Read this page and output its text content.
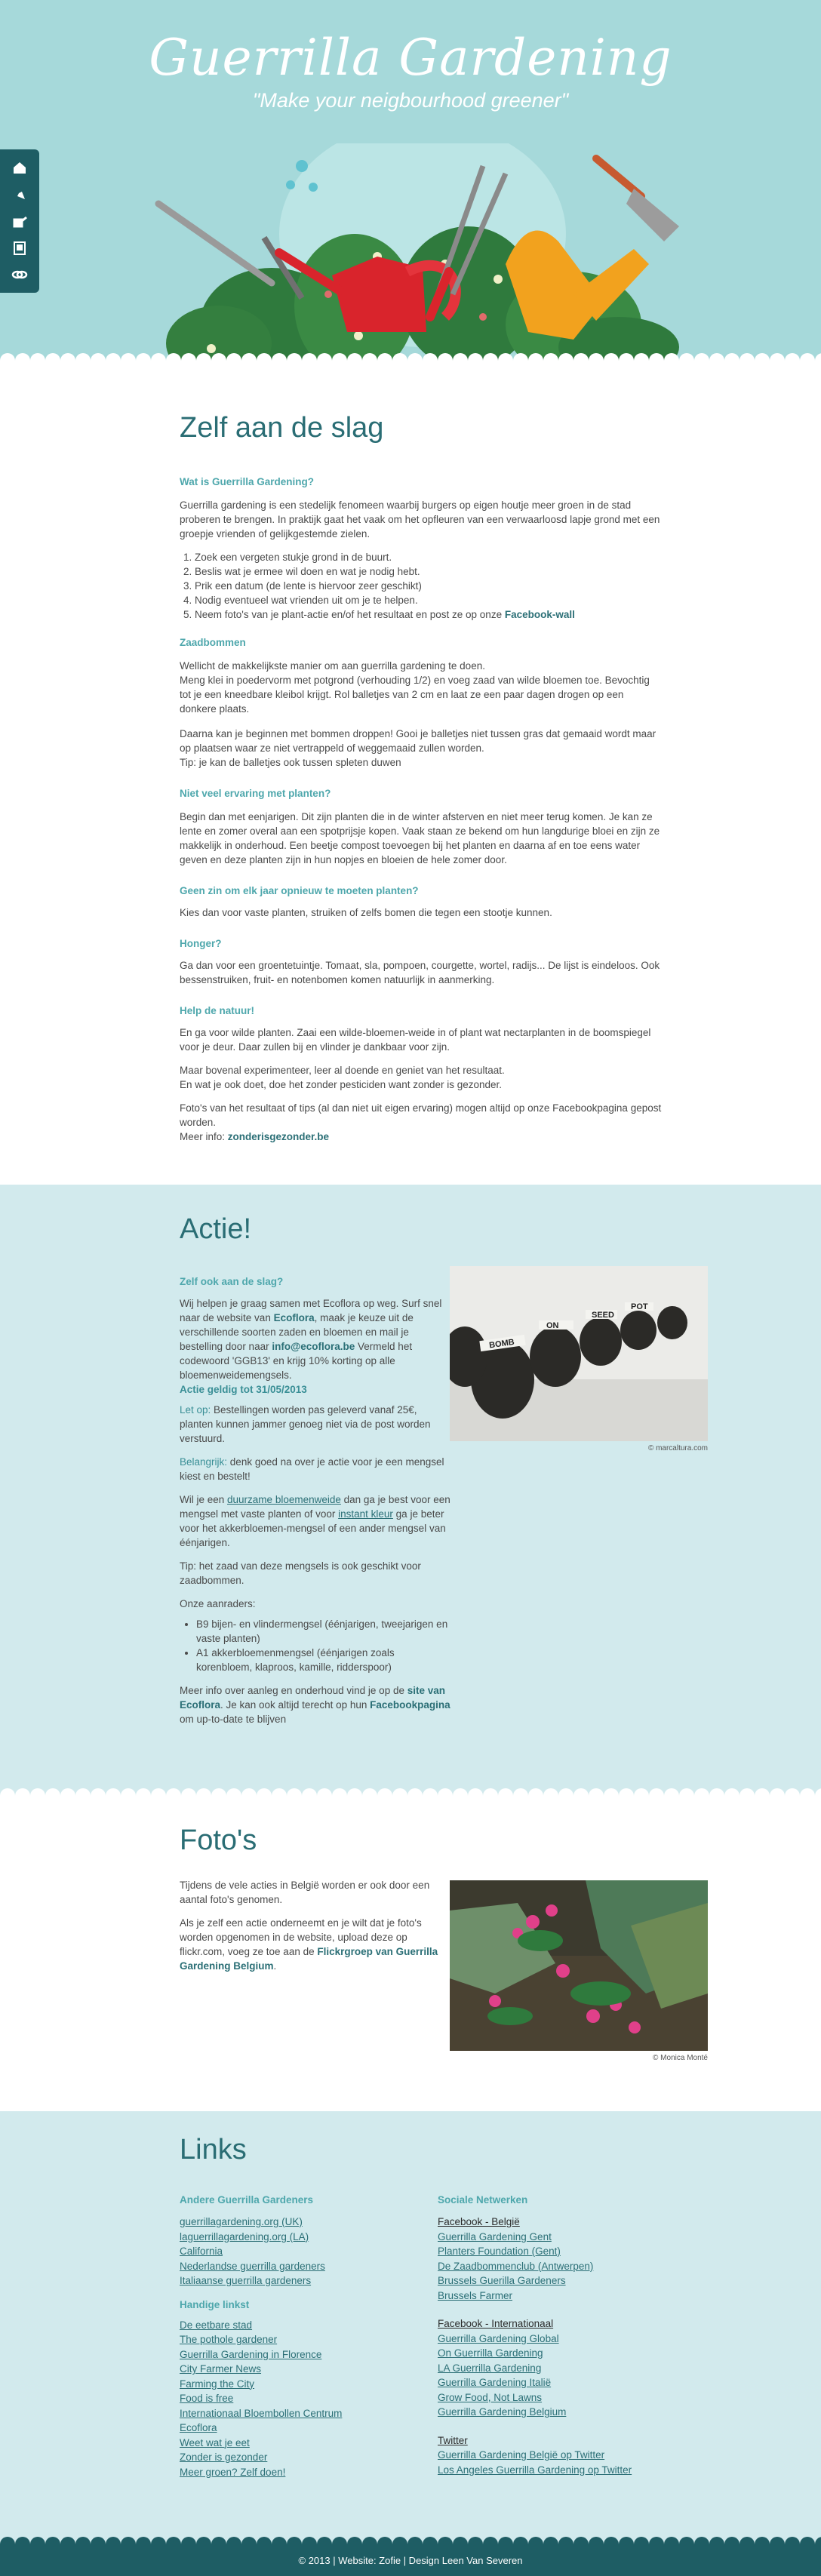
Guerrilla Gardening
"Make your neigbourhood greener"
Zelf aan de slag
Wat is Guerrilla Gardening?

Guerrilla gardening is een stedelijk fenomeen waarbij burgers op eigen houtje meer groen in de stad proberen te brengen. In praktijk gaat het vaak om het opfleuren van een verwaarloosd lapje grond met een groepje vrienden of gelijkgestemde zielen.

1. Zoek een vergeten stukje grond in de buurt.
2. Beslis wat je ermee wil doen en wat je nodig hebt.
3. Prik een datum (de lente is hiervoor zeer geschikt)
4. Nodig eventueel wat vrienden uit om je te helpen.
5. Neem foto's van je plant-actie en/of het resultaat en post ze op onze Facebook-wall
Zaadbommen

Wellicht de makkelijkste manier om aan guerrilla gardening te doen.

Meng klei in poedervorm met potgrond (verhouding 1/2) en voeg zaad van wilde bloemen toe. Bevochtig tot je een kneedbare kleibol krijgt. Rol balletjes van 2 cm en laat ze een paar dagen drogen op een donkere plaats.

Daarna kan je beginnen met bommen droppen! Gooi je balletjes niet tussen gras dat gemaaid wordt maar op plaatsen waar ze niet vertrappeld of weggemaaid zullen worden.

Tip: je kan de balletjes ook tussen spleten duwen

Niet veel ervaring met planten?

Begin dan met eenjarigen. Dit zijn planten die in de winter afsterven en niet meer terug komen. Je kan ze lente en zomer overal aan een spotprijsje kopen. Vaak staan ze bekend om hun langdurige bloei en zijn ze makkelijk in onderhoud. Een beetje compost toevoegen bij het planten en daarna af en toe eens water geven en deze planten zijn in hun nopjes en bloeien de hele zomer door.

Geen zin om elk jaar opnieuw te moeten planten?

Kies dan voor vaste planten, struiken of zelfs bomen die tegen een stootje kunnen.

Honger?

Ga dan voor een groentetuintje. Tomaat, sla, pompoen, courgette, wortel, radijs... De lijst is eindeloos. Ook bessenstruiken, fruit- en notenbomen komen natuurlijk in aanmerking.

Help de natuur!

En ga voor wilde planten. Zaai een wilde-bloemen-weide in of plant wat nectarplanten in de boomspiegel voor je deur. Daar zullen bij en vlinder je dankbaar voor zijn.

Maar bovenal experimenteer, leer al doende en geniet van het resultaat.

En wat je ook doet, doe het zonder pesticiden want zonder is gezonder.

Foto's van het resultaat of tips (al dan niet uit eigen ervaring) mogen altijd op onze Facebookpagina gepost worden.

Meer info: zonderisgezonder.be

Actie!
Zelf ook aan de slag?

Wij helpen je graag samen met Ecoflora op weg. Surf snel naar de website van Ecoflora, maak je keuze uit de verschillende soorten zaden en bloemen en mail je bestelling door naar info@ecoflora.be Vermeld het codewoord 'GGB13' en krijg 10% korting op alle bloemenweidemengsels.

Actie geldig tot 31/05/2013

Let op: Bestellingen worden pas geleverd vanaf 25€, planten kunnen jammer genoeg niet via de post worden verstuurd.

Belangrijk: denk goed na over je actie voor je een mengsel kiest en bestelt!

Wil je een duurzame bloemenweide dan ga je best voor een mengsel met vaste planten of voor instant kleur ga je beter voor het akkerbloemen-mengsel of een ander mengsel van éénjarigen.

Tip: het zaad van deze mengsels is ook geschikt voor zaadbommen.

Onze aanraders:

• B9 bijen- en vlindermengsel (éénjarigen, tweejarigen en vaste planten)
• A1 akkerbloemenmengsel (éénjarigen zoals korenbloem, klaproos, kamille, ridderspoor)

Meer info over aanleg en onderhoud vind je op de site van Ecoflora. Je kan ook altijd terecht op hun Facebookpagina om up-to-date te blijven

BOMB
ON
SEED
POT
© marcaltura.com
Foto's

Tijdens de vele acties in België worden er ook door een aantal foto's genomen.

Als je zelf een actie onderneemt en je wilt dat je foto's worden opgenomen in de website, upload deze op flickr.com, voeg ze toe aan de Flickrgroep van Guerrilla Gardening Belgium.

© Monica Monté
Links
Andere Guerrilla Gardeners
guerrillagardening.org (UK)
laguerrillagardening.org (LA)
California
Nederlandse guerrilla gardeners
Italiaanse guerrilla gardeners
Handige linkst
De eetbare stad
The pothole gardener
Guerrilla Gardening in Florence
City Farmer News
Farming the City
Food is free
Internationaal Bloembollen Centrum
Ecoflora
Weet wat je eet
Zonder is gezonder
Meer groen? Zelf doen!
Sociale Netwerken
Facebook - België
Guerrilla Gardening Gent
Planters Foundation (Gent)
De Zaadbommenclub (Antwerpen)
Brussels Guerilla Gardeners
Brussels Farmer
Facebook - Internationaal
Guerrilla Gardening Global
On Guerrilla Gardening
LA Guerrilla Gardening
Guerrilla Gardening Italië
Grow Food, Not Lawns
Guerrilla Gardening Belgium
Twitter
Guerrilla Gardening België op Twitter
Los Angeles Guerrilla Gardening op Twitter
© 2013 | Website: Zofie | Design Leen Van Severen
